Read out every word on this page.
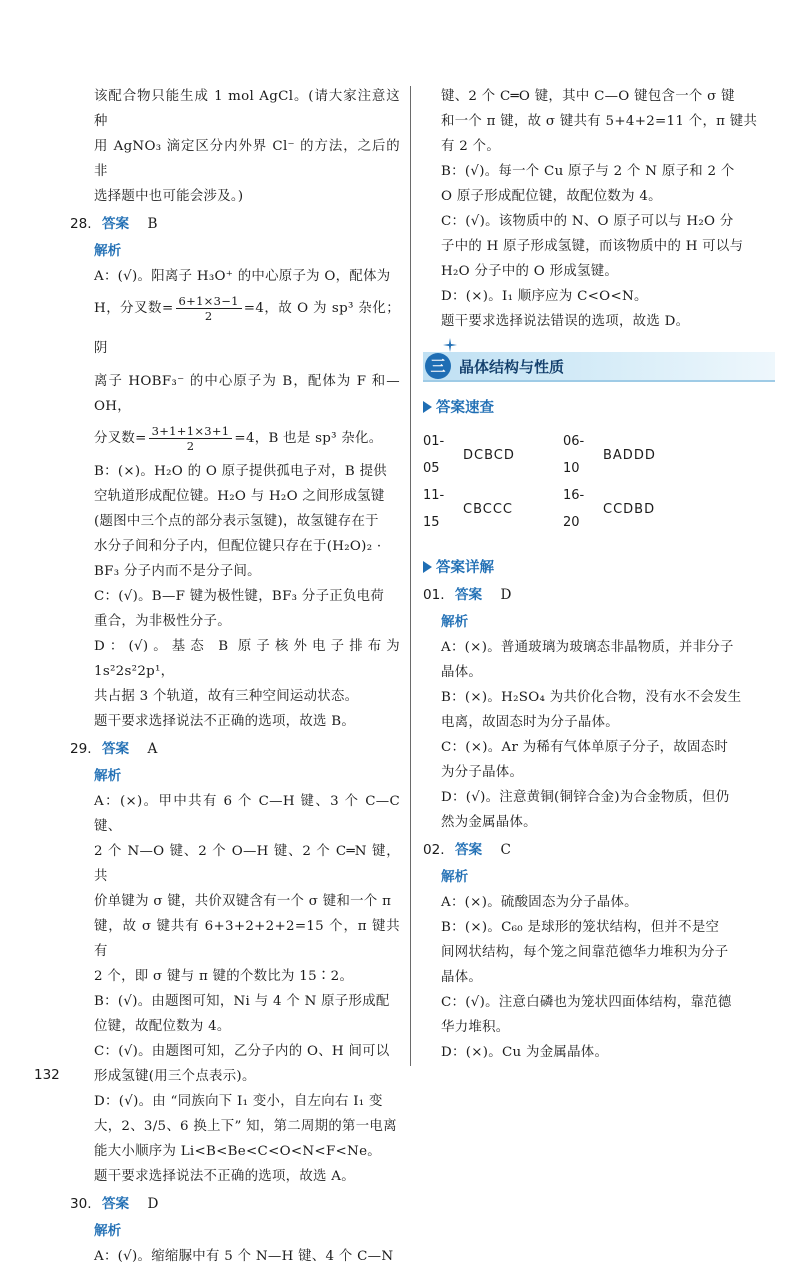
该配合物只能生成 1 mol AgCl。(请大家注意这种

用 AgNO₃ 滴定区分内外界 Cl⁻ 的方法，之后的非

选择题中也可能会涉及。)

28. 答案 B
解析

A：(√)。阳离子 H₃O⁺ 的中心原子为 O，配体为

H，分叉数= $\frac{6+1\times 3-1}{2} =4$，故 O 为 sp³ 杂化；阴

离子 HOBF₃⁻ 的中心原子为 B，配体为 F 和—OH，

分叉数= $\frac{3+1+1\times 3+1}{2} =4$，B 也是 sp³ 杂化。

B：(×)。H₂O 的 O 原子提供孤电子对，B 提供

空轨道形成配位键。H₂O 与 H₂O 之间形成氢键

(题图中三个点的部分表示氢键)，故氢键存在于

水分子间和分子内，但配位键只存在于(H₂O)₂ ·

BF₃ 分子内而不是分子间。

C：(√)。B—F 键为极性键，BF₃ 分子正负电荷

重合，为非极性分子。

D：(√)。基态 B 原子核外电子排布为 1s²2s²2p¹，

共占据 3 个轨道，故有三种空间运动状态。

题干要求选择说法不正确的选项，故选 B。

29. 答案 A
解析

A：(×)。甲中共有 6 个 C—H 键、3 个 C—C 键、

2 个 N—O 键、2 个 O—H 键、2 个 C═N 键，共

价单键为 σ 键，共价双键含有一个 σ 键和一个 π

键，故 σ 键共有 6+3+2+2+2=15 个，π 键共有

2 个，即 σ 键与 π 键的个数比为 15∶2。

B：(√)。由题图可知，Ni 与 4 个 N 原子形成配

位键，故配位数为 4。

C：(√)。由题图可知，乙分子内的 O、H 间可以

形成氢键(用三个点表示)。

D：(√)。由 “同族向下 I₁ 变小，自左向右 I₁ 变

大，2、3/5、6 换上下” 知，第二周期的第一电离

能大小顺序为 Li<B<Be<C<O<N<F<Ne。

题干要求选择说法不正确的选项，故选 A。

30. 答案 D
解析

A：(√)。缩缩脲中有 5 个 N—H 键、4 个 C—N

键、2 个 C═O 键，其中 C—O 键包含一个 σ 键

和一个 π 键，故 σ 键共有 5+4+2=11 个，π 键共

有 2 个。

B：(√)。每一个 Cu 原子与 2 个 N 原子和 2 个

O 原子形成配位键，故配位数为 4。

C：(√)。该物质中的 N、O 原子可以与 H₂O 分

子中的 H 原子形成氢键，而该物质中的 H 可以与

H₂O 分子中的 O 形成氢键。

D：(×)。I₁ 顺序应为 C<O<N。

题干要求选择说法错误的选项，故选 D。

三 晶体结构与性质
答案速查
01-05	DCBCD	06-10	BADDD
11-15	CBCCC	16-20	CCDBD
答案详解
01. 答案 D
解析

A：(×)。普通玻璃为玻璃态非晶物质，并非分子

晶体。

B：(×)。H₂SO₄ 为共价化合物，没有水不会发生

电离，故固态时为分子晶体。

C：(×)。Ar 为稀有气体单原子分子，故固态时

为分子晶体。

D：(√)。注意黄铜(铜锌合金)为合金物质，但仍

然为金属晶体。

02. 答案 C
解析

A：(×)。硫酸固态为分子晶体。

B：(×)。C₆₀ 是球形的笼状结构，但并不是空

间网状结构，每个笼之间靠范德华力堆积为分子

晶体。

C：(√)。注意白磷也为笼状四面体结构，靠范德

华力堆积。

D：(×)。Cu 为金属晶体。

132
